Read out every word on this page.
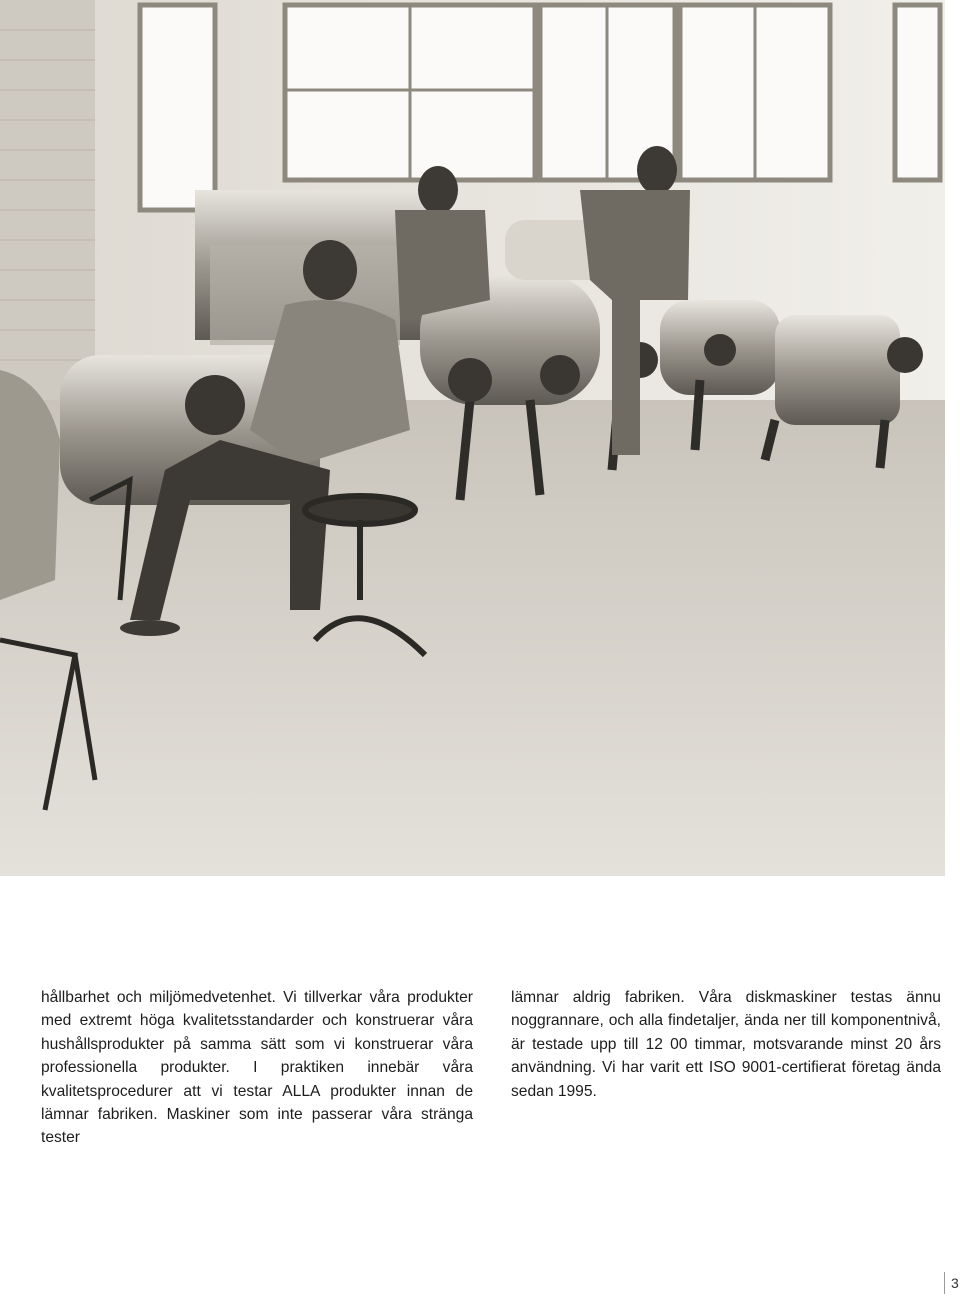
hållbarhet och miljömedvetenhet. Vi tillverkar våra produkter med extremt höga kvalitetsstandarder och konstruerar våra hushållsprodukter på samma sätt som vi konstruerar våra professionella produkter. I praktiken innebär våra kvalitetsprocedurer att vi testar ALLA produkter innan de lämnar fabriken. Maskiner som inte passerar våra stränga tester

lämnar aldrig fabriken. Våra diskmaskiner testas ännu noggrannare, och alla findetaljer, ända ner till komponentnivå, är testade upp till 12 00 timmar, motsvarande minst 20 års användning. Vi har varit ett ISO 9001-certifierat företag ända sedan 1995.

3
